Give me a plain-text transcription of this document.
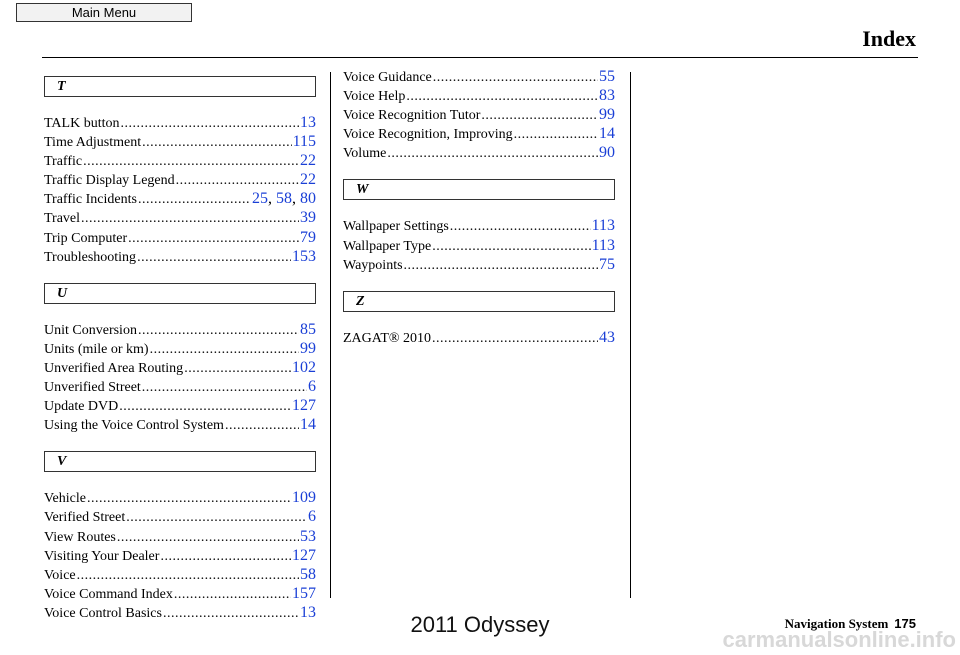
Main Menu
Index
T
TALK button .....	13
Time Adjustment .....	115
Traffic .....	22
Traffic Display Legend .....	22
Traffic Incidents .....	25, 58, 80
Travel .....	39
Trip Computer .....	79
Troubleshooting .....	153
U
Unit Conversion .....	85
Units (mile or km) .....	99
Unverified Area Routing .....	102
Unverified Street .....	6
Update DVD .....	127
Using the Voice Control System .....	14
V
Vehicle .....	109
Verified Street .....	6
View Routes .....	53
Visiting Your Dealer .....	127
Voice .....	58
Voice Command Index .....	157
Voice Control Basics .....	13
Voice Guidance .....	55
Voice Help .....	83
Voice Recognition Tutor .....	99
Voice Recognition, Improving .....	14
Volume .....	90
W
Wallpaper Settings .....	113
Wallpaper Type .....	113
Waypoints .....	75
Z
ZAGAT® 2010 .....	43
Navigation System 175
2011 Odyssey
carmanualsonline.info
